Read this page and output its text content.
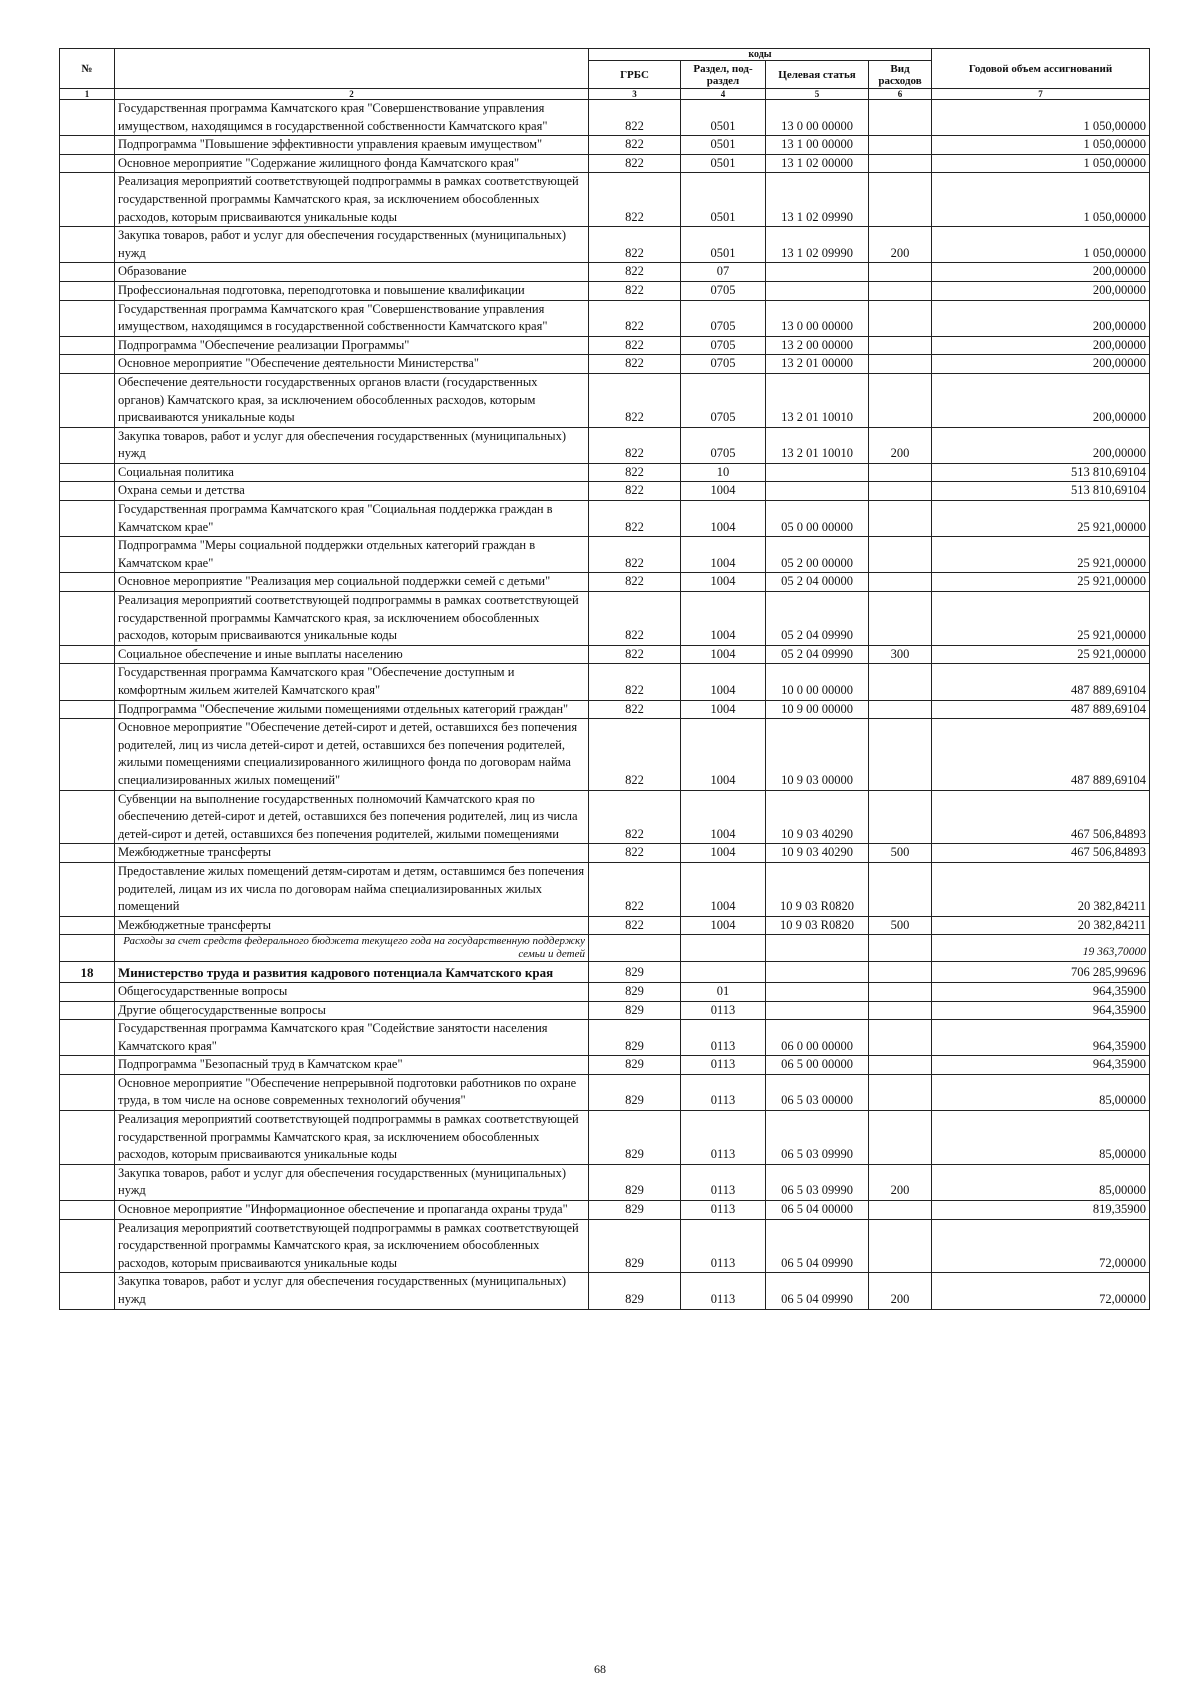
№		коды				Годовой объем ассигнований
		ГРБС	Раздел, под-раздел	Целевая статья	Вид расходов	
1	2	3	4	5	6	7
	Государственная программа Камчатского края "Совершенствование управления имуществом, находящимся в государственной собственности Камчатского края"	822	0501	13 0 00 00000		1 050,00000
	Подпрограмма "Повышение эффективности управления краевым имуществом"	822	0501	13 1 00 00000		1 050,00000
	Основное мероприятие "Содержание жилищного фонда Камчатского края"	822	0501	13 1 02 00000		1 050,00000
	Реализация мероприятий соответствующей подпрограммы в рамках соответствующей государственной программы Камчатского края, за исключением обособленных расходов, которым присваиваются уникальные коды	822	0501	13 1 02 09990		1 050,00000
	Закупка товаров, работ и услуг для обеспечения государственных (муниципальных) нужд	822	0501	13 1 02 09990	200	1 050,00000
	Образование	822	07			200,00000
	Профессиональная подготовка, переподготовка и повышение квалификации	822	0705			200,00000
	Государственная программа Камчатского края "Совершенствование управления имуществом, находящимся в государственной собственности Камчатского края"	822	0705	13 0 00 00000		200,00000
	Подпрограмма "Обеспечение реализации Программы"	822	0705	13 2 00 00000		200,00000
	Основное мероприятие "Обеспечение деятельности Министерства"	822	0705	13 2 01 00000		200,00000
	Обеспечение деятельности государственных органов власти (государственных органов) Камчатского края, за исключением обособленных расходов, которым присваиваются уникальные коды	822	0705	13 2 01 10010		200,00000
	Закупка товаров, работ и услуг для обеспечения государственных (муниципальных) нужд	822	0705	13 2 01 10010	200	200,00000
	Социальная политика	822	10			513 810,69104
	Охрана семьи и детства	822	1004			513 810,69104
	Государственная программа Камчатского края "Социальная поддержка граждан в Камчатском крае"	822	1004	05 0 00 00000		25 921,00000
	Подпрограмма "Меры социальной поддержки отдельных категорий граждан в Камчатском крае"	822	1004	05 2 00 00000		25 921,00000
	Основное мероприятие "Реализация мер социальной поддержки семей с детьми"	822	1004	05 2 04 00000		25 921,00000
	Реализация мероприятий соответствующей подпрограммы в рамках соответствующей государственной программы Камчатского края, за исключением обособленных расходов, которым присваиваются уникальные коды	822	1004	05 2 04 09990		25 921,00000
	Социальное обеспечение и иные выплаты населению	822	1004	05 2 04 09990	300	25 921,00000
	Государственная программа Камчатского края "Обеспечение доступным и комфортным жильем жителей Камчатского края"	822	1004	10 0 00 00000		487 889,69104
	Подпрограмма "Обеспечение жилыми помещениями отдельных категорий граждан"	822	1004	10 9 00 00000		487 889,69104
	Основное мероприятие "Обеспечение детей-сирот и детей, оставшихся без попечения родителей, лиц из числа детей-сирот и детей, оставшихся без попечения родителей, жилыми помещениями специализированного жилищного фонда по договорам найма специализированных жилых помещений"	822	1004	10 9 03 00000		487 889,69104
	Субвенции на выполнение государственных полномочий Камчатского края по обеспечению детей-сирот и детей, оставшихся без попечения родителей, лиц из числа детей-сирот и детей, оставшихся без попечения родителей, жилыми помещениями	822	1004	10 9 03 40290		467 506,84893
	Межбюджетные трансферты	822	1004	10 9 03 40290	500	467 506,84893
	Предоставление жилых помещений детям-сиротам и детям, оставшимся без попечения родителей, лицам из их числа по договорам найма специализированных жилых помещений	822	1004	10 9 03 R0820		20 382,84211
	Межбюджетные трансферты	822	1004	10 9 03 R0820	500	20 382,84211
	Расходы за счет средств федерального бюджета текущего года на государственную поддержку семьи и детей					19 363,70000
18	Министерство труда и развития кадрового потенциала Камчатского края	829				706 285,99696
	Общегосударственные вопросы	829	01			964,35900
	Другие общегосударственные вопросы	829	0113			964,35900
	Государственная программа Камчатского края "Содействие занятости населения Камчатского края"	829	0113	06 0 00 00000		964,35900
	Подпрограмма "Безопасный труд в Камчатском крае"	829	0113	06 5 00 00000		964,35900
	Основное мероприятие "Обеспечение непрерывной подготовки работников по охране труда, в том числе на основе современных технологий обучения"	829	0113	06 5 03 00000		85,00000
	Реализация мероприятий соответствующей подпрограммы в рамках соответствующей государственной программы Камчатского края, за исключением обособленных расходов, которым присваиваются уникальные коды	829	0113	06 5 03 09990		85,00000
	Закупка товаров, работ и услуг для обеспечения государственных (муниципальных) нужд	829	0113	06 5 03 09990	200	85,00000
	Основное мероприятие "Информационное обеспечение и пропаганда охраны труда"	829	0113	06 5 04 00000		819,35900
	Реализация мероприятий соответствующей подпрограммы в рамках соответствующей государственной программы Камчатского края, за исключением обособленных расходов, которым присваиваются уникальные коды	829	0113	06 5 04 09990		72,00000
	Закупка товаров, работ и услуг для обеспечения государственных (муниципальных) нужд	829	0113	06 5 04 09990	200	72,00000
68
